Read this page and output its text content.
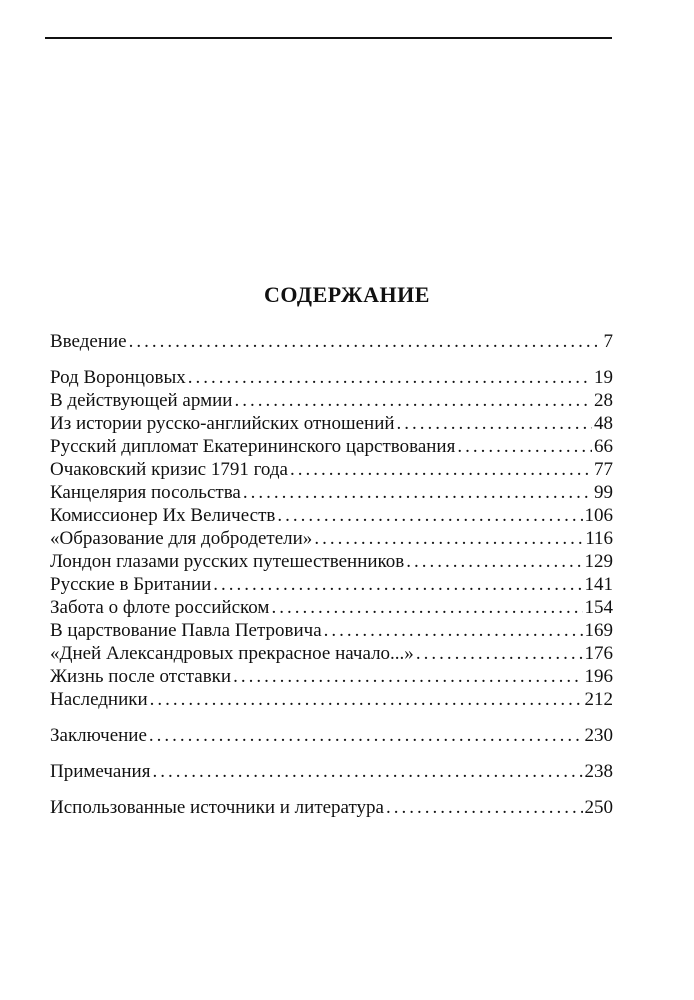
СОДЕРЖАНИЕ
Введение .....	7
Род Воронцовых .....	19
В действующей армии .....	28
Из истории русско-английских отношений .....	48
Русский дипломат Екатерининского царствования .....	66
Очаковский кризис 1791 года .....	77
Канцелярия посольства .....	99
Комиссионер Их Величеств .....	106
«Образование для добродетели» .....	116
Лондон глазами русских путешественников .....	129
Русские в Британии .....	141
Забота о флоте российском .....	154
В царствование Павла Петровича .....	169
«Дней Александровых прекрасное начало...» .....	176
Жизнь после отставки .....	196
Наследники .....	212
Заключение .....	230
Примечания .....	238
Использованные источники и литература .....	250
